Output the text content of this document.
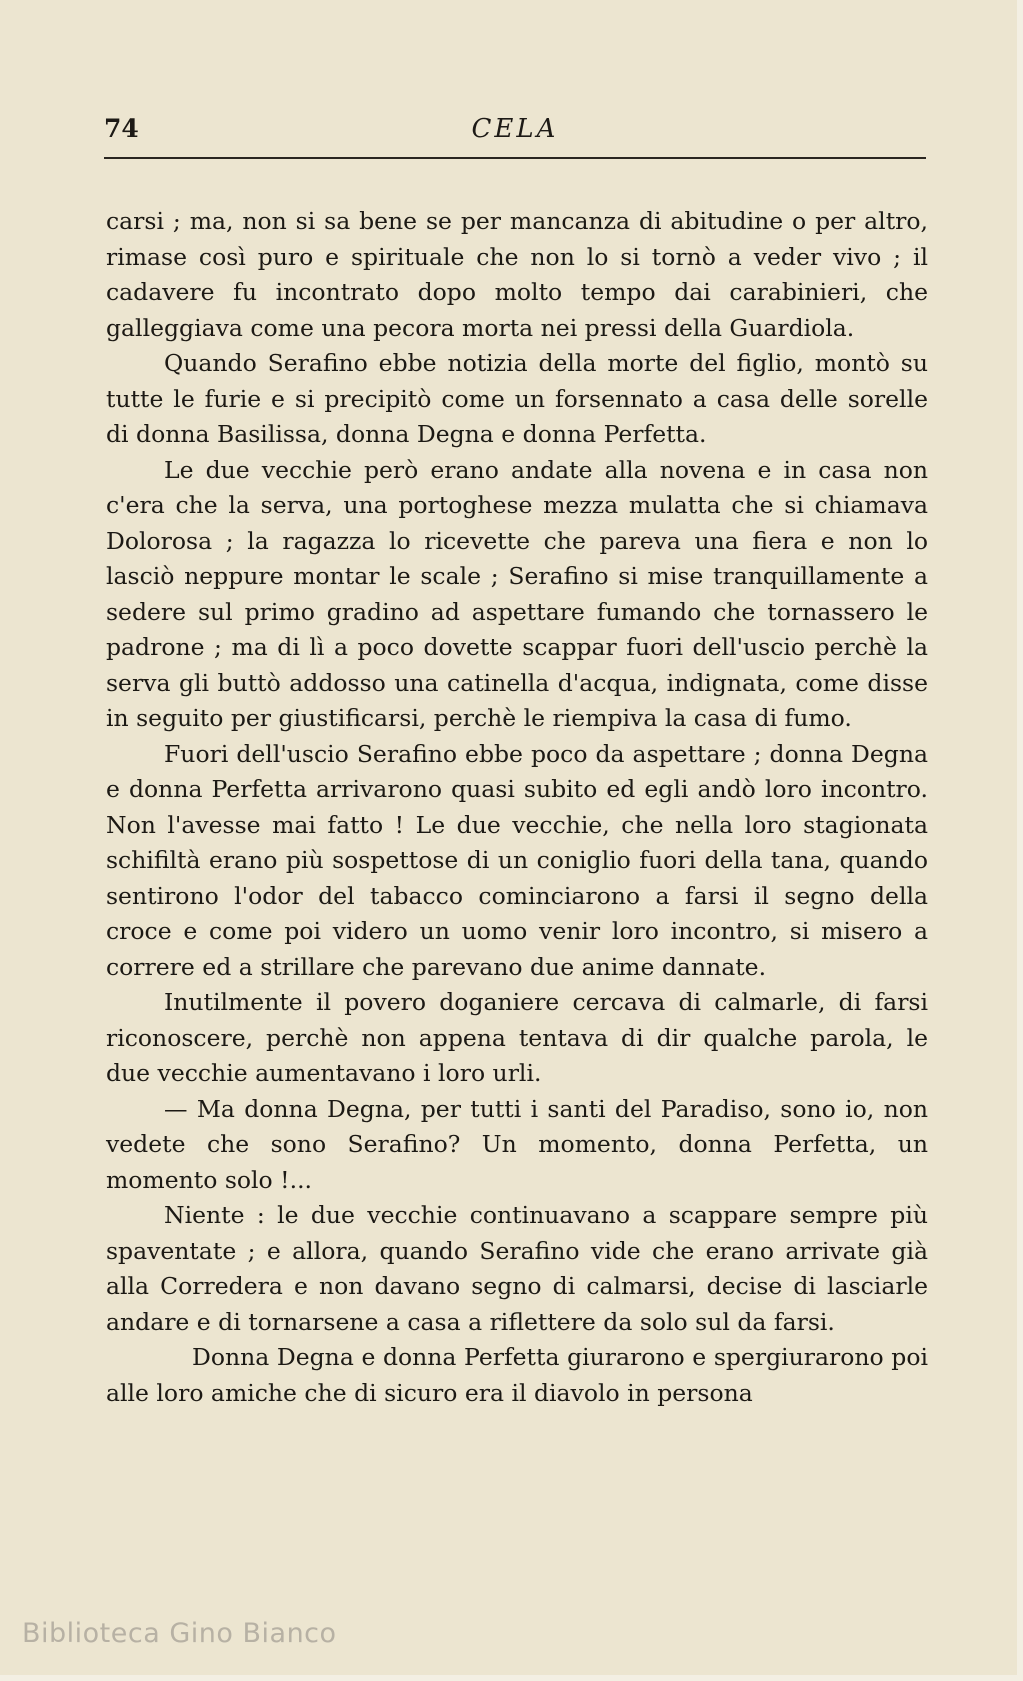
74	CELA

carsi ; ma, non si sa bene se per mancanza di abitudine o per altro, rimase così puro e spirituale che non lo si tornò a veder vivo ; il cadavere fu incontrato dopo molto tempo dai carabinieri, che galleggiava come una pecora morta nei pressi della Guardiola.

Quando Serafino ebbe notizia della morte del figlio, montò su tutte le furie e si precipitò come un forsennato a casa delle sorelle di donna Basilissa, donna Degna e donna Perfetta.

Le due vecchie però erano andate alla novena e in casa non c'era che la serva, una portoghese mezza mulatta che si chiamava Dolorosa ; la ragazza lo ricevette che pareva una fiera e non lo lasciò neppure montar le scale ; Serafino si mise tranquillamente a sedere sul primo gradino ad aspettare fumando che tornassero le padrone ; ma di lì a poco dovette scappar fuori dell'uscio perchè la serva gli buttò addosso una catinella d'acqua, indignata, come disse in seguito per giustificarsi, perchè le riempiva la casa di fumo.

Fuori dell'uscio Serafino ebbe poco da aspettare ; donna Degna e donna Perfetta arrivarono quasi subito ed egli andò loro incontro. Non l'avesse mai fatto ! Le due vecchie, che nella loro stagionata schifiltà erano più sospettose di un coniglio fuori della tana, quando sentirono l'odor del tabacco cominciarono a farsi il segno della croce e come poi videro un uomo venir loro incontro, si misero a correre ed a strillare che parevano due anime dannate.

Inutilmente il povero doganiere cercava di calmarle, di farsi riconoscere, perchè non appena tentava di dir qualche parola, le due vecchie aumentavano i loro urli.

— Ma donna Degna, per tutti i santi del Paradiso, sono io, non vedete che sono Serafino? Un momento, donna Perfetta, un momento solo !...

Niente : le due vecchie continuavano a scappare sempre più spaventate ; e allora, quando Serafino vide che erano arrivate già alla Corredera e non davano segno di calmarsi, decise di lasciarle andare e di tornarsene a casa a riflettere da solo sul da farsi.

Donna Degna e donna Perfetta giurarono e spergiurarono poi alle loro amiche che di sicuro era il diavolo in persona

Biblioteca Gino Bianco
